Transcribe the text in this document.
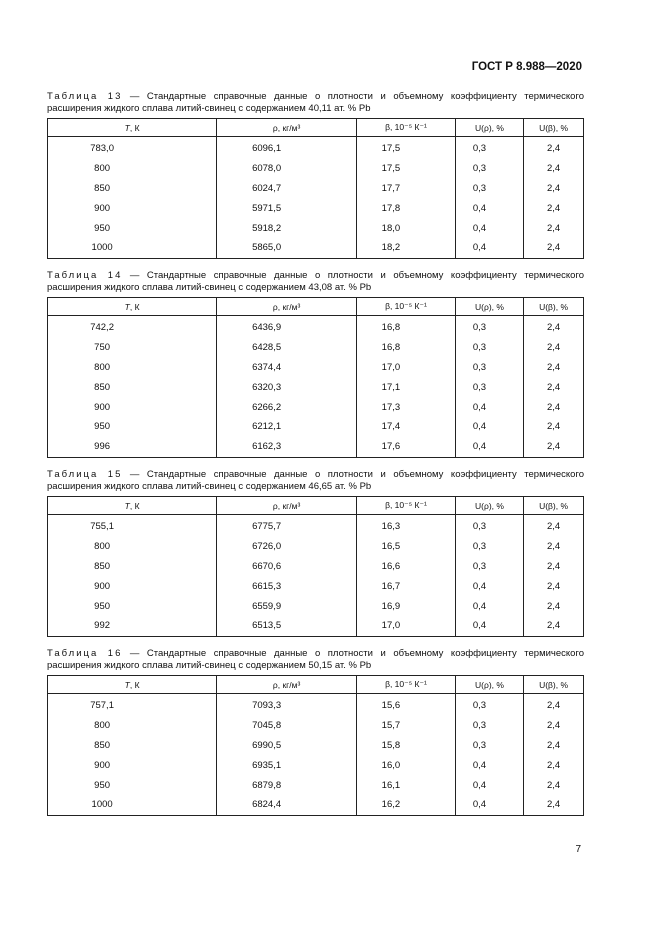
ГОСТ Р 8.988—2020
Таблица 13 — Стандартные справочные данные о плотности и объемному коэффициенту термического расширения жидкого сплава литий-свинец с содержанием 40,11 ат. % Pb
T, К	ρ, кг/м³	β, 10⁻⁵ К⁻¹	U(ρ), %	U(β), %
783,0	6096,1	17,5	0,3	2,4
800	6078,0	17,5	0,3	2,4
850	6024,7	17,7	0,3	2,4
900	5971,5	17,8	0,4	2,4
950	5918,2	18,0	0,4	2,4
1000	5865,0	18,2	0,4	2,4
Таблица 14 — Стандартные справочные данные о плотности и объемному коэффициенту термического расширения жидкого сплава литий-свинец с содержанием 43,08 ат. % Pb
T, К	ρ, кг/м³	β, 10⁻⁵ К⁻¹	U(ρ), %	U(β), %
742,2	6436,9	16,8	0,3	2,4
750	6428,5	16,8	0,3	2,4
800	6374,4	17,0	0,3	2,4
850	6320,3	17,1	0,3	2,4
900	6266,2	17,3	0,4	2,4
950	6212,1	17,4	0,4	2,4
996	6162,3	17,6	0,4	2,4
Таблица 15 — Стандартные справочные данные о плотности и объемному коэффициенту термического расширения жидкого сплава литий-свинец с содержанием 46,65 ат. % Pb
T, К	ρ, кг/м³	β, 10⁻⁵ К⁻¹	U(ρ), %	U(β), %
755,1	6775,7	16,3	0,3	2,4
800	6726,0	16,5	0,3	2,4
850	6670,6	16,6	0,3	2,4
900	6615,3	16,7	0,4	2,4
950	6559,9	16,9	0,4	2,4
992	6513,5	17,0	0,4	2,4
Таблица 16 — Стандартные справочные данные о плотности и объемному коэффициенту термического расширения жидкого сплава литий-свинец с содержанием 50,15 ат. % Pb
T, К	ρ, кг/м³	β, 10⁻⁵ К⁻¹	U(ρ), %	U(β), %
757,1	7093,3	15,6	0,3	2,4
800	7045,8	15,7	0,3	2,4
850	6990,5	15,8	0,3	2,4
900	6935,1	16,0	0,4	2,4
950	6879,8	16,1	0,4	2,4
1000	6824,4	16,2	0,4	2,4
7
